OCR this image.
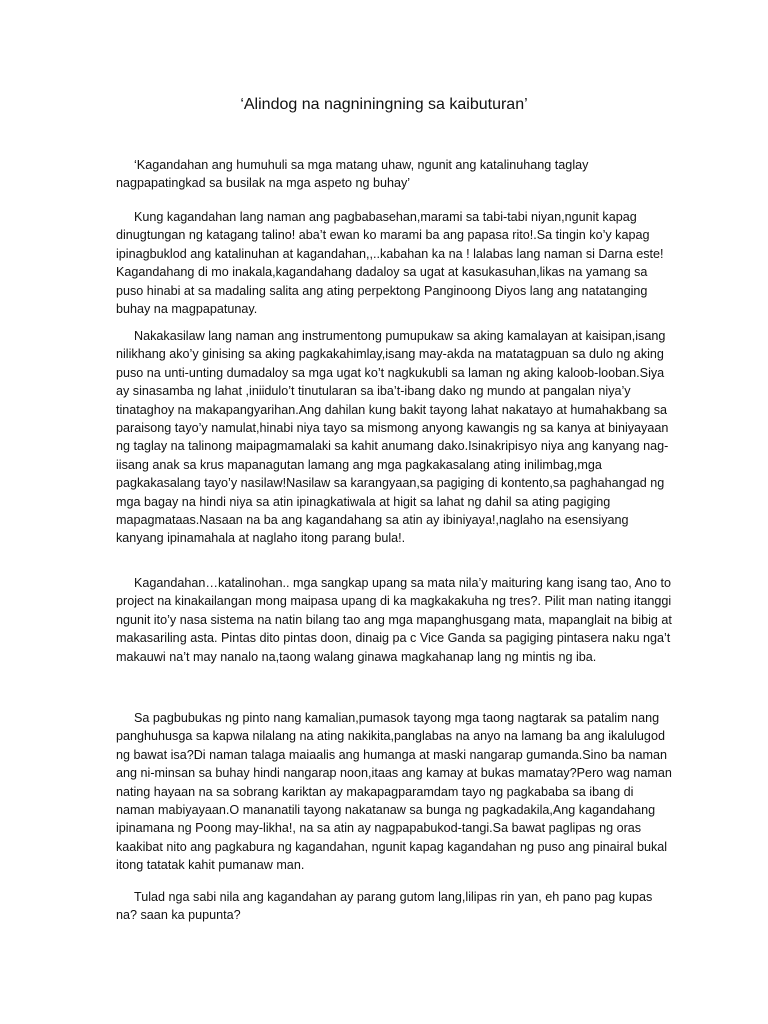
‘Alindog na nagniningning sa kaibuturan’

‘Kagandahan ang humuhuli sa mga matang uhaw, ngunit ang katalinuhang taglay nagpapatingkad sa busilak na mga aspeto ng buhay’

Kung kagandahan lang naman ang pagbabasehan,marami sa tabi-tabi niyan,ngunit kapag dinugtungan ng katagang talino! aba’t ewan ko marami ba ang papasa rito!.Sa tingin ko’y kapag ipinagbuklod ang katalinuhan at kagandahan,,..kabahan ka na ! lalabas lang naman si Darna este! Kagandahang di mo inakala,kagandahang dadaloy sa ugat at kasukasuhan,likas na yamang sa puso hinabi at sa madaling salita ang ating perpektong Panginoong Diyos lang ang natatanging buhay na magpapatunay.

Nakakasilaw lang naman ang instrumentong pumupukaw sa aking kamalayan at kaisipan,isang nilikhang ako’y ginising sa aking pagkakahimlay,isang may-akda na matatagpuan sa dulo ng aking puso na unti-unting dumadaloy sa mga ugat ko’t nagkukubli sa laman ng aking kaloob-looban.Siya ay sinasamba ng lahat ,iniidulo’t tinutularan sa iba’t-ibang dako ng mundo at pangalan niya’y tinataghoy na makapangyarihan.Ang dahilan kung bakit tayong lahat nakatayo at humahakbang sa paraisong tayo’y namulat,hinabi niya tayo sa mismong anyong kawangis ng sa kanya at biniyayaan ng taglay na talinong maipagmamalaki sa kahit anumang dako.Isinakripisyo niya ang kanyang nag-iisang anak sa krus mapanagutan lamang ang mga pagkakasalang ating inilimbag,mga pagkakasalang tayo’y nasilaw!Nasilaw sa karangyaan,sa pagiging di kontento,sa paghahangad ng mga bagay na hindi niya sa atin ipinagkatiwala at higit sa lahat ng dahil sa ating pagiging mapagmataas.Nasaan na ba ang kagandahang sa atin ay ibiniyaya!,naglaho na esensiyang kanyang ipinamahala at naglaho itong parang bula!.

Kagandahan…katalinohan.. mga sangkap upang sa mata nila’y maituring kang isang tao, Ano to project na kinakailangan mong maipasa upang di ka magkakakuha ng tres?. Pilit man nating itanggi ngunit ito’y nasa sistema na natin bilang tao ang mga mapanghusgang mata, mapanglait na bibig at makasariling asta. Pintas dito pintas doon, dinaig pa c Vice Ganda sa pagiging pintasera naku nga’t makauwi na’t may nanalo na,taong walang ginawa magkahanap lang ng mintis ng iba.

Sa pagbubukas ng pinto nang kamalian,pumasok tayong mga taong nagtarak sa patalim nang panghuhusga sa kapwa nilalang na ating nakikita,panglabas na anyo na lamang ba ang ikalulugod ng bawat isa?Di naman talaga maiaalis ang humanga at maski nangarap gumanda.Sino ba naman ang ni-minsan sa buhay hindi nangarap noon,itaas ang kamay at bukas mamatay?Pero wag naman nating hayaan na sa sobrang kariktan ay makapagparamdam tayo ng pagkababa sa ibang di naman mabiyayaan.O mananatili tayong nakatanaw sa bunga ng pagkadakila,Ang kagandahang ipinamana ng Poong may-likha!, na sa atin ay nagpapabukod-tangi.Sa bawat paglipas ng oras kaakibat nito ang pagkabura ng kagandahan, ngunit kapag kagandahan ng puso ang pinairal bukal itong tatatak kahit pumanaw man.

Tulad nga sabi nila ang kagandahan ay parang gutom lang,lilipas rin yan, eh pano pag kupas na? saan ka pupunta?
